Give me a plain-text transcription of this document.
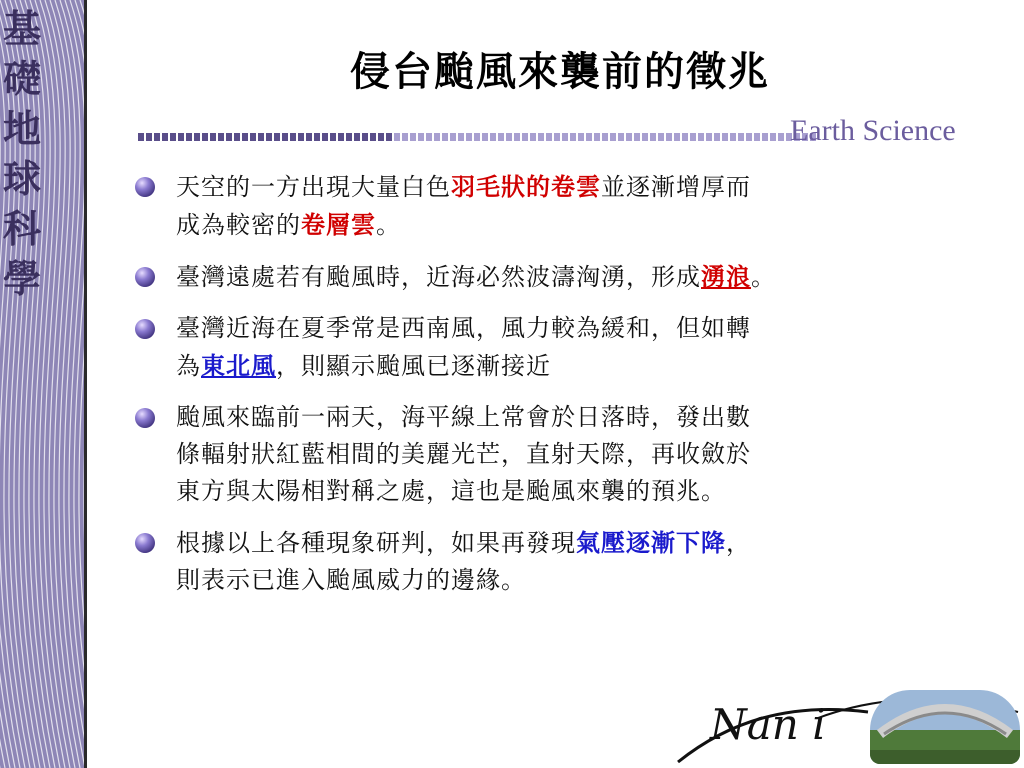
基
礎
地
球
科
學
侵台颱風來襲前的徵兆
Earth Science
天空的一方出現大量白色羽毛狀的卷雲並逐漸增厚而
成為較密的卷層雲。
臺灣遠處若有颱風時，近海必然波濤洶湧，形成湧浪。
臺灣近海在夏季常是西南風，風力較為緩和，但如轉
為東北風，則顯示颱風已逐漸接近
颱風來臨前一兩天，海平線上常會於日落時，發出數
條輻射狀紅藍相間的美麗光芒，直射天際，再收斂於
東方與太陽相對稱之處，這也是颱風來襲的預兆。
根據以上各種現象研判，如果再發現氣壓逐漸下降，
則表示已進入颱風威力的邊緣。
Nan i
